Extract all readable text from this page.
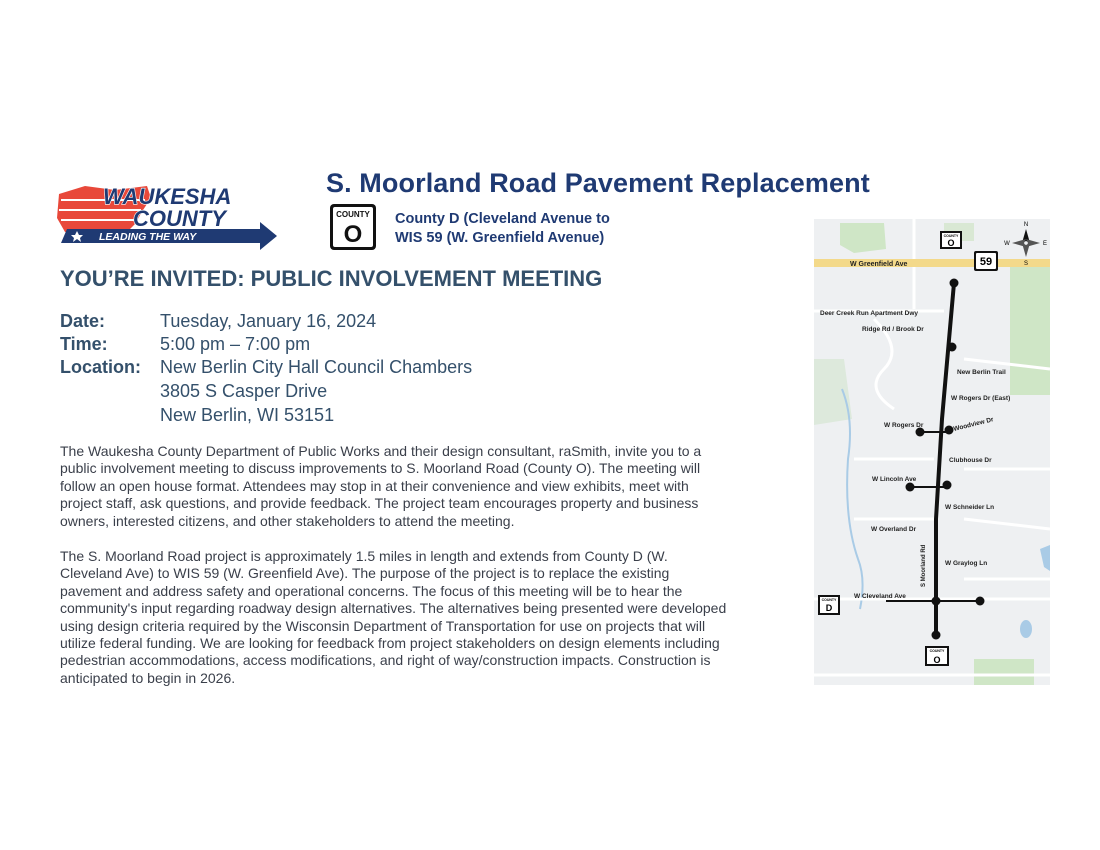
WAUKESHA
COUNTY
LEADING THE WAY
S. Moorland Road Pavement Replacement
COUNTY
O
County D (Cleveland Avenue to
WIS 59 (W. Greenfield Avenue)
YOU’RE INVITED: PUBLIC INVOLVEMENT MEETING
Date:	Tuesday, January 16, 2024
Time:	5:00 pm – 7:00 pm
Location: New Berlin City Hall Council Chambers
3805 S Casper Drive
New Berlin, WI 53151
The Waukesha County Department of Public Works and their design consultant, raSmith, invite you to a
public involvement meeting to discuss improvements to S. Moorland Road (County O). The meeting will
follow an open house format. Attendees may stop in at their convenience and view exhibits, meet with
project staff, ask questions, and provide feedback. The project team encourages property and business
owners, interested citizens, and other stakeholders to attend the meeting.
The S. Moorland Road project is approximately 1.5 miles in length and extends from County D (W.
Cleveland Ave) to WIS 59 (W. Greenfield Ave). The purpose of the project is to replace the existing
pavement and address safety and operational concerns. The focus of this meeting will be to hear the
community's input regarding roadway design alternatives. The alternatives being presented were developed
using design criteria required by the Wisconsin Department of Transportation for use on projects that will
utilize federal funding. We are looking for feedback from project stakeholders on design elements including
pedestrian accommodations, access modifications, and right of way/construction impacts. Construction is
anticipated to begin in 2026.
W Greenfield Ave
Deer Creek Run Apartment Dwy
Ridge Rd / Brook Dr
New Berlin Trail
W Rogers Dr (East)
W Rogers Dr	Woodview Dr
Clubhouse Dr
W Lincoln Ave
W Schneider Ln
W Overland Dr
S Moorland Rd	W Graylog Ln
W Cleveland Ave
COUNTY
O
59
COUNTY
D
COUNTY
O
N
S
W	E
